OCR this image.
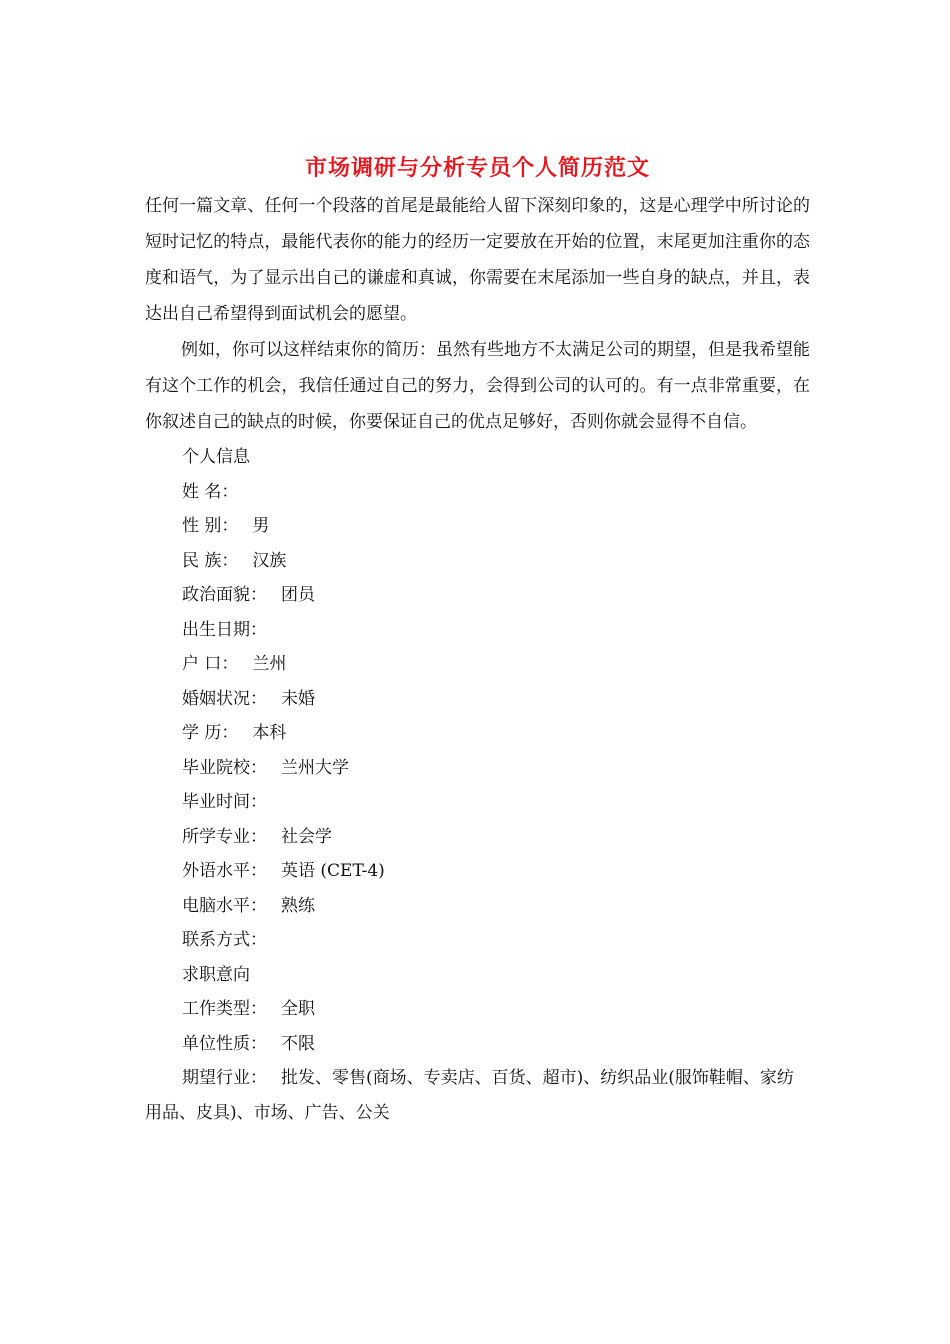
市场调研与分析专员个人简历范文

任何一篇文章、任何一个段落的首尾是最能给人留下深刻印象的，这是心理学中所讨论的短时记忆的特点，最能代表你的能力的经历一定要放在开始的位置，末尾更加注重你的态度和语气，为了显示出自己的谦虚和真诚，你需要在末尾添加一些自身的缺点，并且，表达出自己希望得到面试机会的愿望。

例如，你可以这样结束你的简历：虽然有些地方不太满足公司的期望，但是我希望能有这个工作的机会，我信任通过自己的努力，会得到公司的认可的。有一点非常重要，在你叙述自己的缺点的时候，你要保证自己的优点足够好，否则你就会显得不自信。

个人信息
姓 名：
性 别： 男
民 族： 汉族
政治面貌： 团员
出生日期：
户 口： 兰州
婚姻状况： 未婚
学 历： 本科
毕业院校： 兰州大学
毕业时间：
所学专业： 社会学
外语水平： 英语 (CET-4)
电脑水平： 熟练
联系方式：
求职意向
工作类型： 全职
单位性质： 不限
期望行业： 批发、零售(商场、专卖店、百货、超市)、纺织品业(服饰鞋帽、家纺用品、皮具)、市场、广告、公关
